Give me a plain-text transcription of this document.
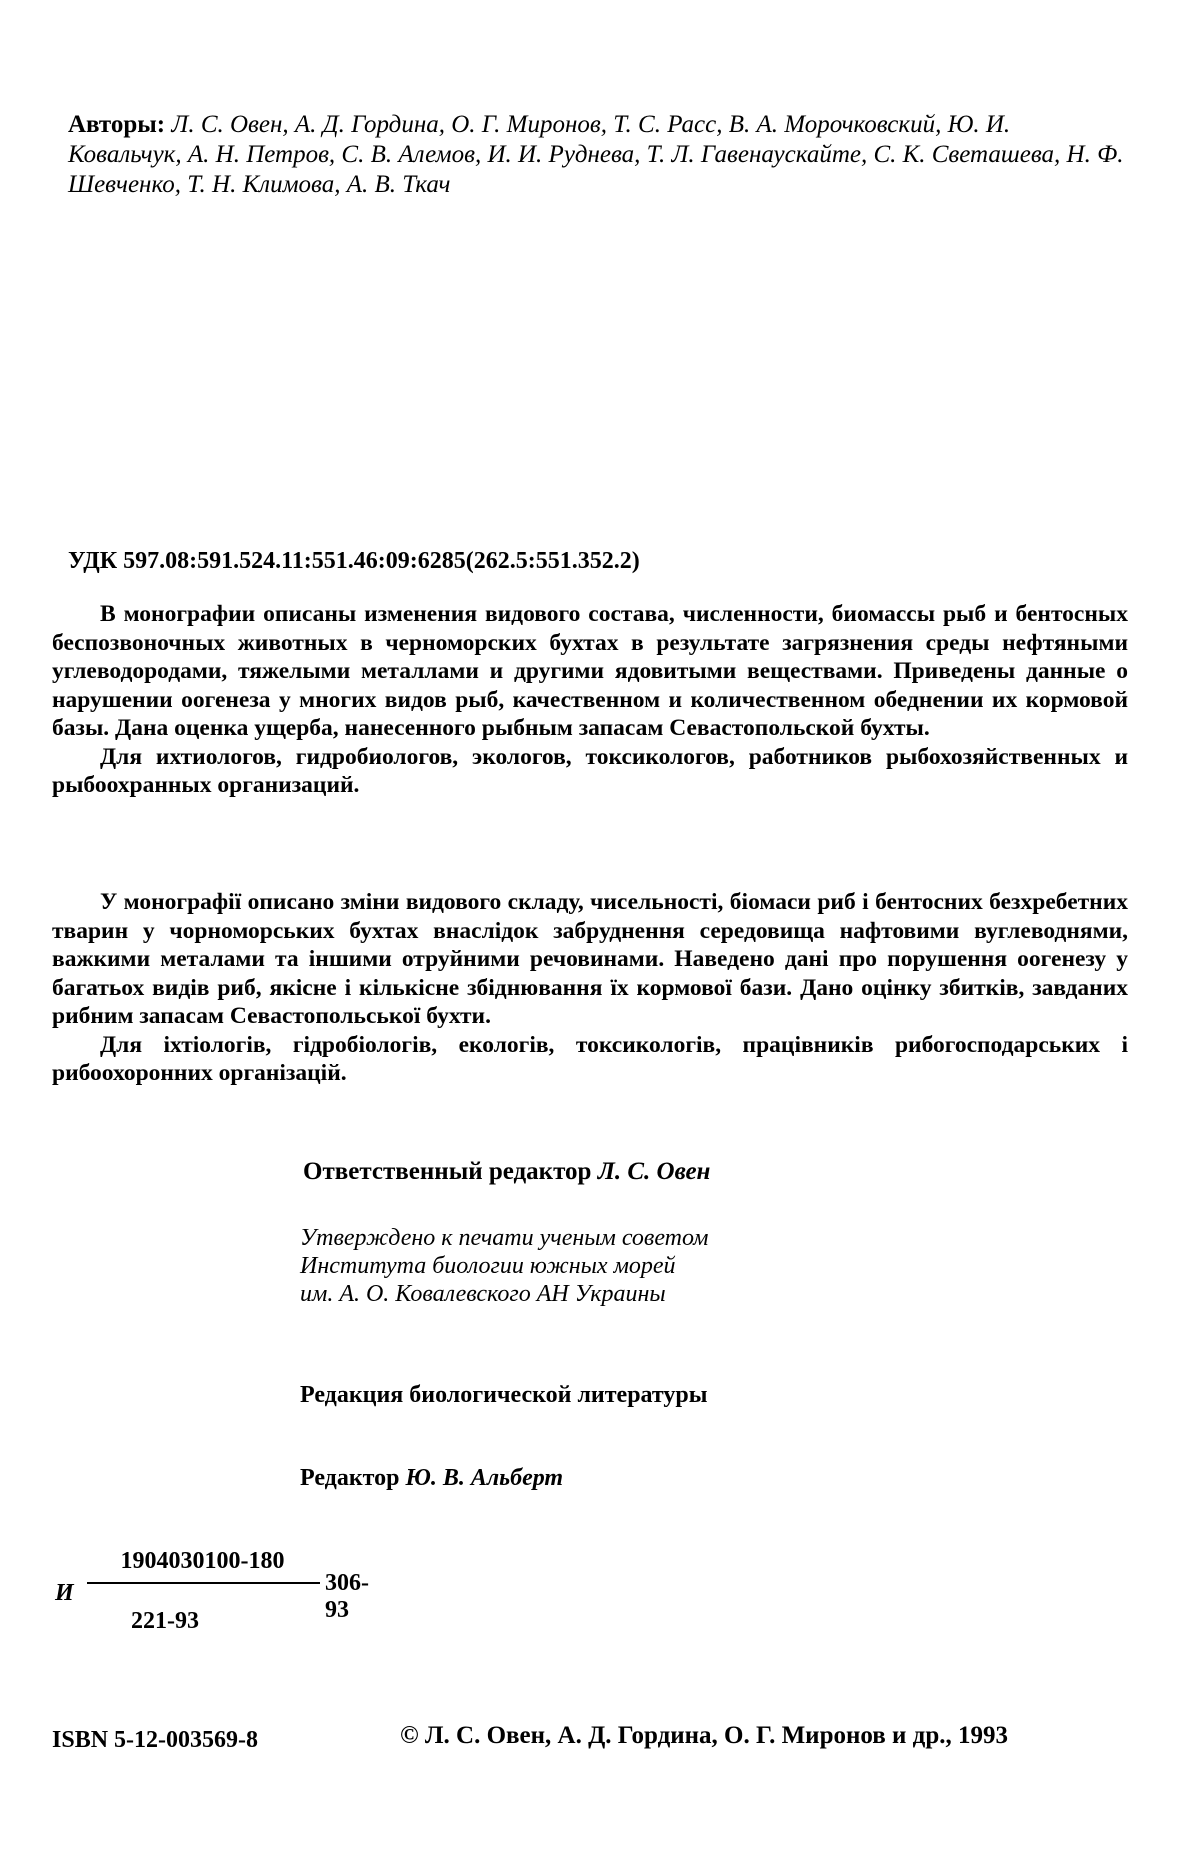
Авторы: Л. С. Овен, А. Д. Гордина, О. Г. Миронов, Т. С. Расс, В. А. Морочковский, Ю. И. Ковальчук, А. Н. Петров, С. В. Алемов, И. И. Руднева, Т. Л. Гавенаускайте, С. К. Светашева, Н. Ф. Шевченко, Т. Н. Климова, А. В. Ткач
УДК 597.08:591.524.11:551.46:09:6285(262.5:551.352.2)

В монографии описаны изменения видового состава, численности, биомассы рыб и бентосных беспозвоночных животных в черноморских бухтах в результате загрязнения среды нефтяными углеводородами, тяжелыми металлами и другими ядовитыми веществами. Приведены данные о нарушении оогенеза у многих видов рыб, качественном и количественном обеднении их кормовой базы. Дана оценка ущерба, нанесенного рыбным запасам Севастопольской бухты.

Для ихтиологов, гидробиологов, экологов, токсикологов, работников рыбохозяйственных и рыбоохранных организаций.

У монографії описано зміни видового складу, чисельності, біомаси риб і бентосних безхребетних тварин у чорноморських бухтах внаслідок забруднення середовища нафтовими вуглеводнями, важкими металами та іншими отруйними речовинами. Наведено дані про порушення оогенезу у багатьох видів риб, якісне і кількісне збіднювання їх кормової бази. Дано оцінку збитків, завданих рибним запасам Севастопольської бухти.

Для іхтіологів, гідробіологів, екологів, токсикологів, працівників рибогосподарських і рибоохоронних організацій.

Ответственный редактор Л. С. Овен
Утверждено к печати ученым советом
Института биологии южных морей
им. А. О. Ковалевского АН Украины
Редакция биологической литературы
Редактор Ю. В. Альберт
И
1904030100-180
221-93
306-93
ISBN 5-12-003569-8	© Л. С. Овен, А. Д. Гордина, О. Г. Миронов и др., 1993
